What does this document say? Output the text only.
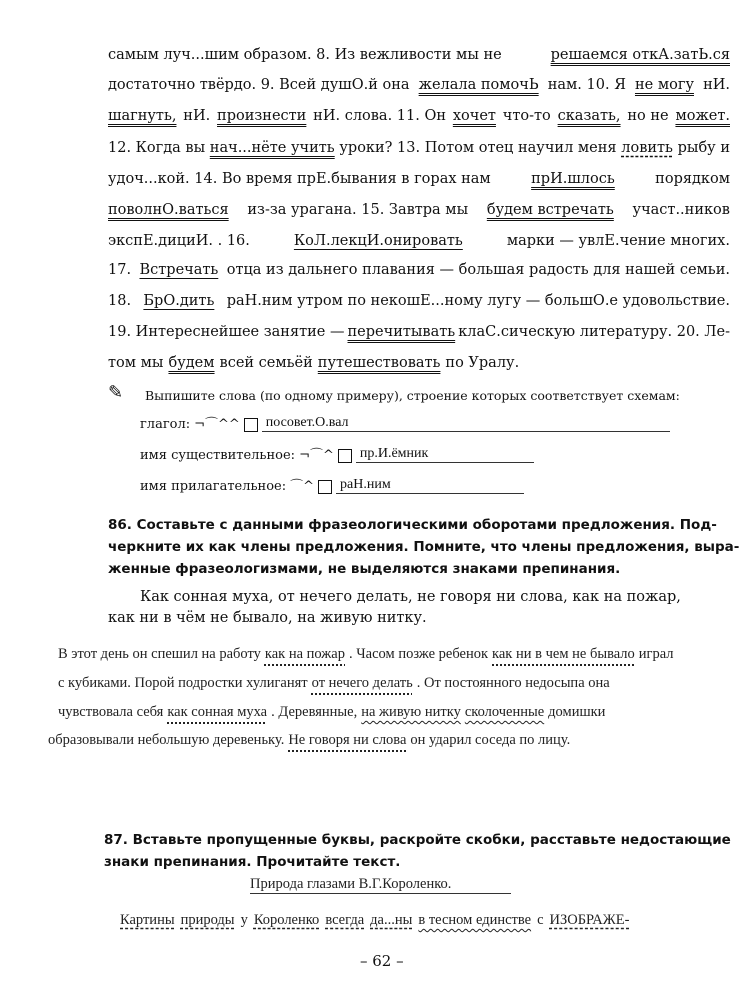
самым луч...шим образом. 8. Из вежливости мы не	решаемся откА.затЬ.ся
достаточно твёрдо. 9. Всей душО.й она желала помочЬ нам. 10. Я не могу нИ.
шагнуть, нИ. произнести нИ. слова. 11. Он хочет что-то сказать, но не может.
12. Когда вы нач...нёте учить уроки? 13. Потом отец научил меня ловить рыбу и
удоч...кой. 14. Во время прЕ.бывания в горах нам	прИ.шлось	порядком
поволнО.ваться из-за урагана. 15. Завтра мы будем встречать участ..ников
экспЕ.дициИ. . 16.	КоЛ.лекцИ.онировать	марки — увлЕ.чение многих.
17. Встречать отца из дальнего плавания — большая радость для нашей семьи.
18. БрО.дить раН.ним утром по некошЕ...ному лугу — большО.е удовольствие.
19. Интереснейшее занятие — перечитывать клаС.сическую литературу. 20. Ле-
том мы будем всей семьёй путешествовать по Уралу.
Выпишите слова (по одному примеру), строение которых соответствует схемам:
✎
глагол: ¬⌒^^ посовет.О.вал
имя существительное: ¬⌒^ пр.И.ёмник
имя прилагательное: ⌒^ раН.ним
86. Составьте с данными фразеологическими оборотами предложения. Под-
черкните их как члены предложения. Помните, что члены предложения, выра-
женные фразеологизмами, не выделяются знаками препинания.
Как сонная муха, от нечего делать, не говоря ни слова, как на пожар,
как ни в чём не бывало, на живую нитку.
В этот день он спешил на работу как на пожар . Часом позже ребенок как ни в чем не бывало играл
с кубиками. Порой подростки хулиганят от нечего делать . От постоянного недосыпа она
чувствовала себя как сонная муха . Деревянные, на живую нитку сколоченные домишки
образовывали небольшую деревеньку. Не говоря ни слова он ударил соседа по лицу.
87. Вставьте пропущенные буквы, раскройте скобки, расставьте недостающие
знаки препинания. Прочитайте текст.
Природа глазами В.Г.Короленко.
Картины природы у Короленко всегда да...ны в тесном единстве с ИЗОБРАЖЕ-
– 62 –
